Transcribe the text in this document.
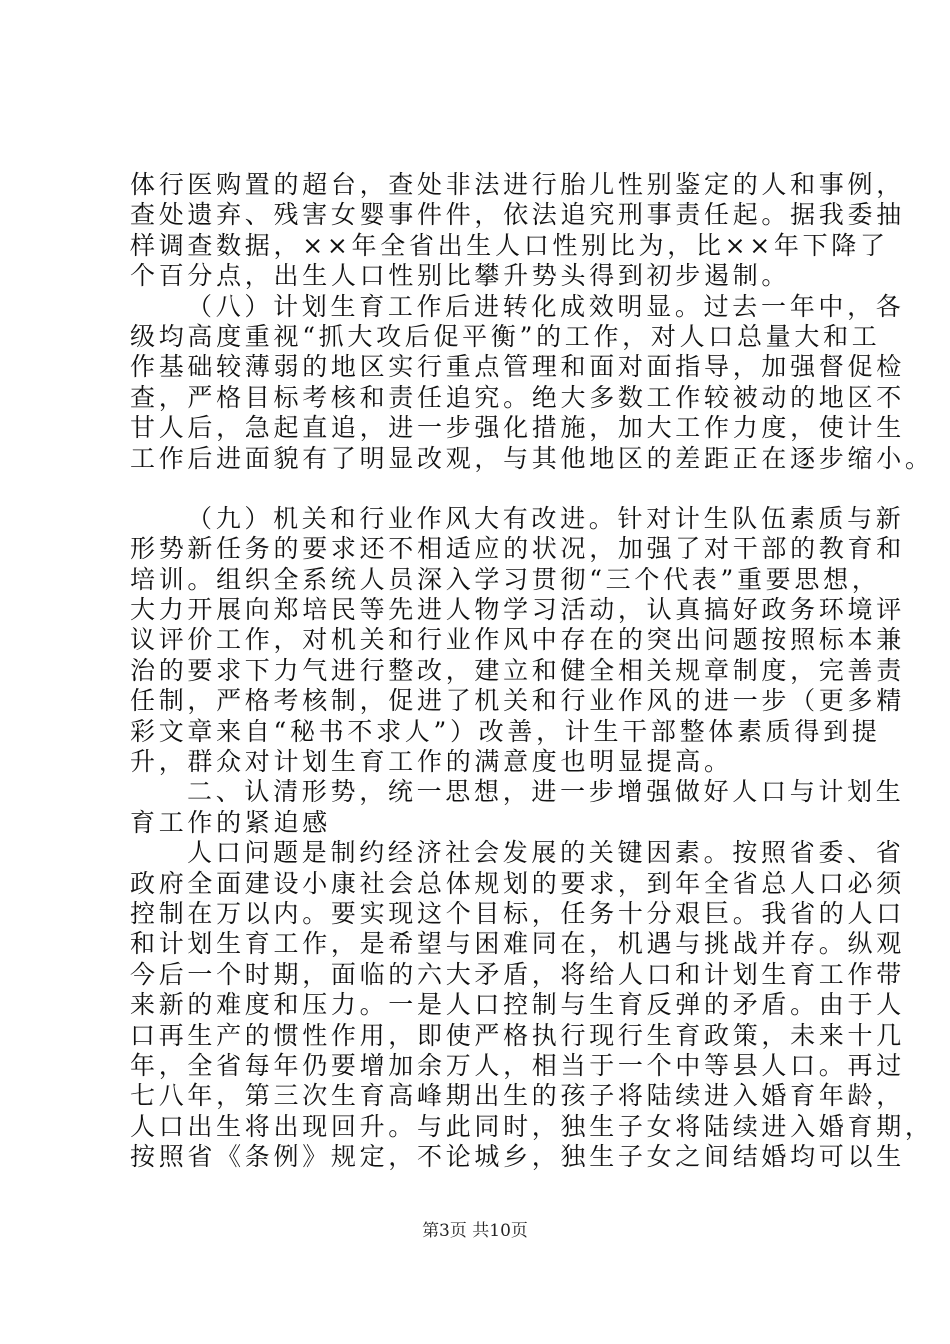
体行医购置的超台，查处非法进行胎儿性别鉴定的人和事例，
查处遗弃、残害女婴事件件，依法追究刑事责任起。据我委抽
样调查数据，××年全省出生人口性别比为，比××年下降了
个百分点，出生人口性别比攀升势头得到初步遏制。
（八）计划生育工作后进转化成效明显。过去一年中，各
级均高度重视“抓大攻后促平衡”的工作，对人口总量大和工
作基础较薄弱的地区实行重点管理和面对面指导，加强督促检
查，严格目标考核和责任追究。绝大多数工作较被动的地区不
甘人后，急起直追，进一步强化措施，加大工作力度，使计生
工作后进面貌有了明显改观，与其他地区的差距正在逐步缩小。
（九）机关和行业作风大有改进。针对计生队伍素质与新
形势新任务的要求还不相适应的状况，加强了对干部的教育和
培训。组织全系统人员深入学习贯彻“三个代表”重要思想，
大力开展向郑培民等先进人物学习活动，认真搞好政务环境评
议评价工作，对机关和行业作风中存在的突出问题按照标本兼
治的要求下力气进行整改，建立和健全相关规章制度，完善责
任制，严格考核制，促进了机关和行业作风的进一步（更多精
彩文章来自“秘书不求人”）改善，计生干部整体素质得到提
升，群众对计划生育工作的满意度也明显提高。
二、认清形势，统一思想，进一步增强做好人口与计划生
育工作的紧迫感
人口问题是制约经济社会发展的关键因素。按照省委、省
政府全面建设小康社会总体规划的要求，到年全省总人口必须
控制在万以内。要实现这个目标，任务十分艰巨。我省的人口
和计划生育工作，是希望与困难同在，机遇与挑战并存。纵观
今后一个时期，面临的六大矛盾，将给人口和计划生育工作带
来新的难度和压力。一是人口控制与生育反弹的矛盾。由于人
口再生产的惯性作用，即使严格执行现行生育政策，未来十几
年，全省每年仍要增加余万人，相当于一个中等县人口。再过
七八年，第三次生育高峰期出生的孩子将陆续进入婚育年龄，
人口出生将出现回升。与此同时，独生子女将陆续进入婚育期，
按照省《条例》规定，不论城乡，独生子女之间结婚均可以生
第3页 共10页
